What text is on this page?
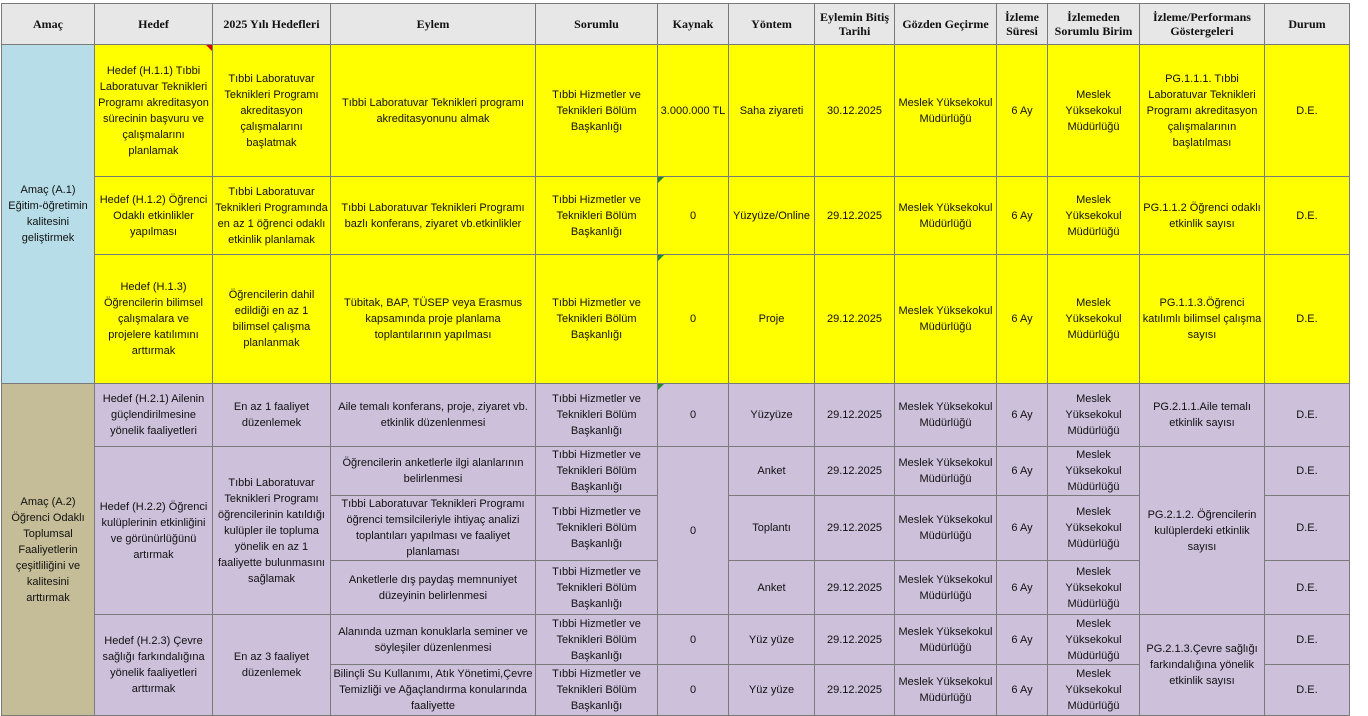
Amaç	Hedef	2025 Yılı Hedefleri	Eylem	Sorumlu	Kaynak	Yöntem	Eylemin Bitiş Tarihi	Gözden Geçirme	İzleme Süresi	İzlemeden Sorumlu Birim	İzleme/Performans Göstergeleri	Durum
Amaç (A.1) Eğitim-öğretimin kalitesini geliştirmek	Hedef (H.1.1) Tıbbi Laboratuvar Teknikleri Programı akreditasyon sürecinin başvuru ve çalışmalarını planlamak	Tıbbi Laboratuvar Teknikleri Programı akreditasyon çalışmalarını başlatmak	Tıbbi Laboratuvar Teknikleri programı akreditasyonunu almak	Tıbbi Hizmetler ve Teknikleri Bölüm Başkanlığı	3.000.000 TL	Saha ziyareti	30.12.2025	Meslek Yüksekokul Müdürlüğü	6 Ay	Meslek Yüksekokul Müdürlüğü	PG.1.1.1. Tıbbi Laboratuvar Teknikleri Programı akreditasyon çalışmalarının başlatılması	D.E.
	Hedef (H.1.2) Öğrenci Odaklı etkinlikler yapılması	Tıbbi Laboratuvar Teknikleri Programında en az 1 öğrenci odaklı etkinlik planlamak	Tıbbi Laboratuvar Teknikleri Programı bazlı konferans, ziyaret vb.etkinlikler	Tıbbi Hizmetler ve Teknikleri Bölüm Başkanlığı	0	Yüzyüze/Online	29.12.2025	Meslek Yüksekokul Müdürlüğü	6 Ay	Meslek Yüksekokul Müdürlüğü	PG.1.1.2 Öğrenci odaklı etkinlik sayısı	D.E.
	Hedef (H.1.3) Öğrencilerin bilimsel çalışmalara ve projelere katılımını arttırmak	Öğrencilerin dahil edildiği en az 1 bilimsel çalışma planlanmak	Tübitak, BAP, TÜSEP veya Erasmus kapsamında proje planlama toplantılarının yapılması	Tıbbi Hizmetler ve Teknikleri Bölüm Başkanlığı	0	Proje	29.12.2025	Meslek Yüksekokul Müdürlüğü	6 Ay	Meslek Yüksekokul Müdürlüğü	PG.1.1.3.Öğrenci katılımlı bilimsel çalışma sayısı	D.E.
Amaç (A.2) Öğrenci Odaklı Toplumsal Faaliyetlerin çeşitliliğini ve kalitesini arttırmak	Hedef (H.2.1) Ailenin güçlendirilmesine yönelik faaliyetleri	En az 1 faaliyet düzenlemek	Aile temalı konferans, proje, ziyaret vb. etkinlik düzenlenmesi	Tıbbi Hizmetler ve Teknikleri Bölüm Başkanlığı	0	Yüzyüze	29.12.2025	Meslek Yüksekokul Müdürlüğü	6 Ay	Meslek Yüksekokul Müdürlüğü	PG.2.1.1.Aile temalı etkinlik sayısı	D.E.
	Hedef (H.2.2) Öğrenci kulüplerinin etkinliğini ve görünürlüğünü artırmak	Tıbbi Laboratuvar Teknikleri Programı öğrencilerinin katıldığı kulüpler ile topluma yönelik en az 1 faaliyette bulunmasını sağlamak	Öğrencilerin anketlerle ilgi alanlarının belirlenmesi	Tıbbi Hizmetler ve Teknikleri Bölüm Başkanlığı	0	Anket	29.12.2025	Meslek Yüksekokul Müdürlüğü	6 Ay	Meslek Yüksekokul Müdürlüğü	PG.2.1.2. Öğrencilerin kulüplerdeki etkinlik sayısı	D.E.
			Tıbbi Laboratuvar Teknikleri Programı öğrenci temsilcileriyle ihtiyaç analizi toplantıları yapılması ve faaliyet planlaması	Tıbbi Hizmetler ve Teknikleri Bölüm Başkanlığı		Toplantı	29.12.2025	Meslek Yüksekokul Müdürlüğü	6 Ay	Meslek Yüksekokul Müdürlüğü		D.E.
			Anketlerle dış paydaş memnuniyet düzeyinin belirlenmesi	Tıbbi Hizmetler ve Teknikleri Bölüm Başkanlığı		Anket	29.12.2025	Meslek Yüksekokul Müdürlüğü	6 Ay	Meslek Yüksekokul Müdürlüğü		D.E.
	Hedef (H.2.3) Çevre sağlığı farkındalığına yönelik faaliyetleri arttırmak	En az 3 faaliyet düzenlemek	Alanında uzman konuklarla seminer ve söyleşiler düzenlenmesi	Tıbbi Hizmetler ve Teknikleri Bölüm Başkanlığı	0	Yüz yüze	29.12.2025	Meslek Yüksekokul Müdürlüğü	6 Ay	Meslek Yüksekokul Müdürlüğü	PG.2.1.3.Çevre sağlığı farkındalığına yönelik etkinlik sayısı	D.E.
			Bilinçli Su Kullanımı, Atık Yönetimi,Çevre Temizliği ve Ağaçlandırma konularında faaliyette	Tıbbi Hizmetler ve Teknikleri Bölüm Başkanlığı	0	Yüz yüze	29.12.2025	Meslek Yüksekokul Müdürlüğü	6 Ay	Meslek Yüksekokul Müdürlüğü		D.E.
